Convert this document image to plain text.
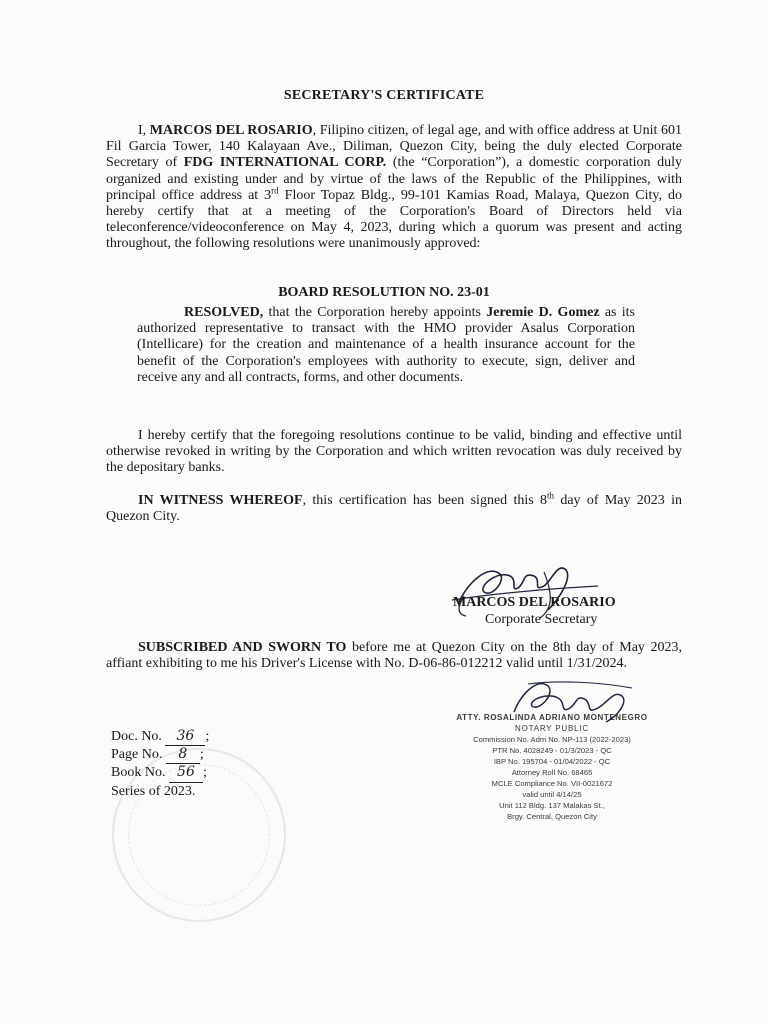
SECRETARY'S CERTIFICATE
I, MARCOS DEL ROSARIO, Filipino citizen, of legal age, and with office address at Unit 601 Fil Garcia Tower, 140 Kalayaan Ave., Diliman, Quezon City, being the duly elected Corporate Secretary of FDG INTERNATIONAL CORP. (the “Corporation”), a domestic corporation duly organized and existing under and by virtue of the laws of the Republic of the Philippines, with principal office address at 3rd Floor Topaz Bldg., 99-101 Kamias Road, Malaya, Quezon City, do hereby certify that at a meeting of the Corporation's Board of Directors held via teleconference/videoconference on May 4, 2023, during which a quorum was present and acting throughout, the following resolutions were unanimously approved:
BOARD RESOLUTION NO. 23-01
RESOLVED, that the Corporation hereby appoints Jeremie D. Gomez as its authorized representative to transact with the HMO provider Asalus Corporation (Intellicare) for the creation and maintenance of a health insurance account for the benefit of the Corporation's employees with authority to execute, sign, deliver and receive any and all contracts, forms, and other documents.
I hereby certify that the foregoing resolutions continue to be valid, binding and effective until otherwise revoked in writing by the Corporation and which written revocation was duly received by the depositary banks.
IN WITNESS WHEREOF, this certification has been signed this 8th day of May 2023 in Quezon City.
MARCOS DEL ROSARIO
Corporate Secretary
SUBSCRIBED AND SWORN TO before me at Quezon City on the 8th day of May 2023, affiant exhibiting to me his Driver's License with No. D-06-86-012212 valid until 1/31/2024.
ATTY. ROSALINDA ADRIANO MONTENEGRO
NOTARY PUBLIC
Commission No. Adm No. NP-113 (2022-2023)
PTR No. 4028249 - 01/3/2023 - QC
IBP No. 195704 - 01/04/2022 - QC
Attorney Roll No. 68465
MCLE Compliance No. VII-0021672
valid until 4/14/25
Unit 112 Bldg. 137 Malakas St.,
Brgy. Central, Quezon City
Doc. No. 36 ;
Page No. 8 ;
Book No. 56 ;
Series of 2023.
